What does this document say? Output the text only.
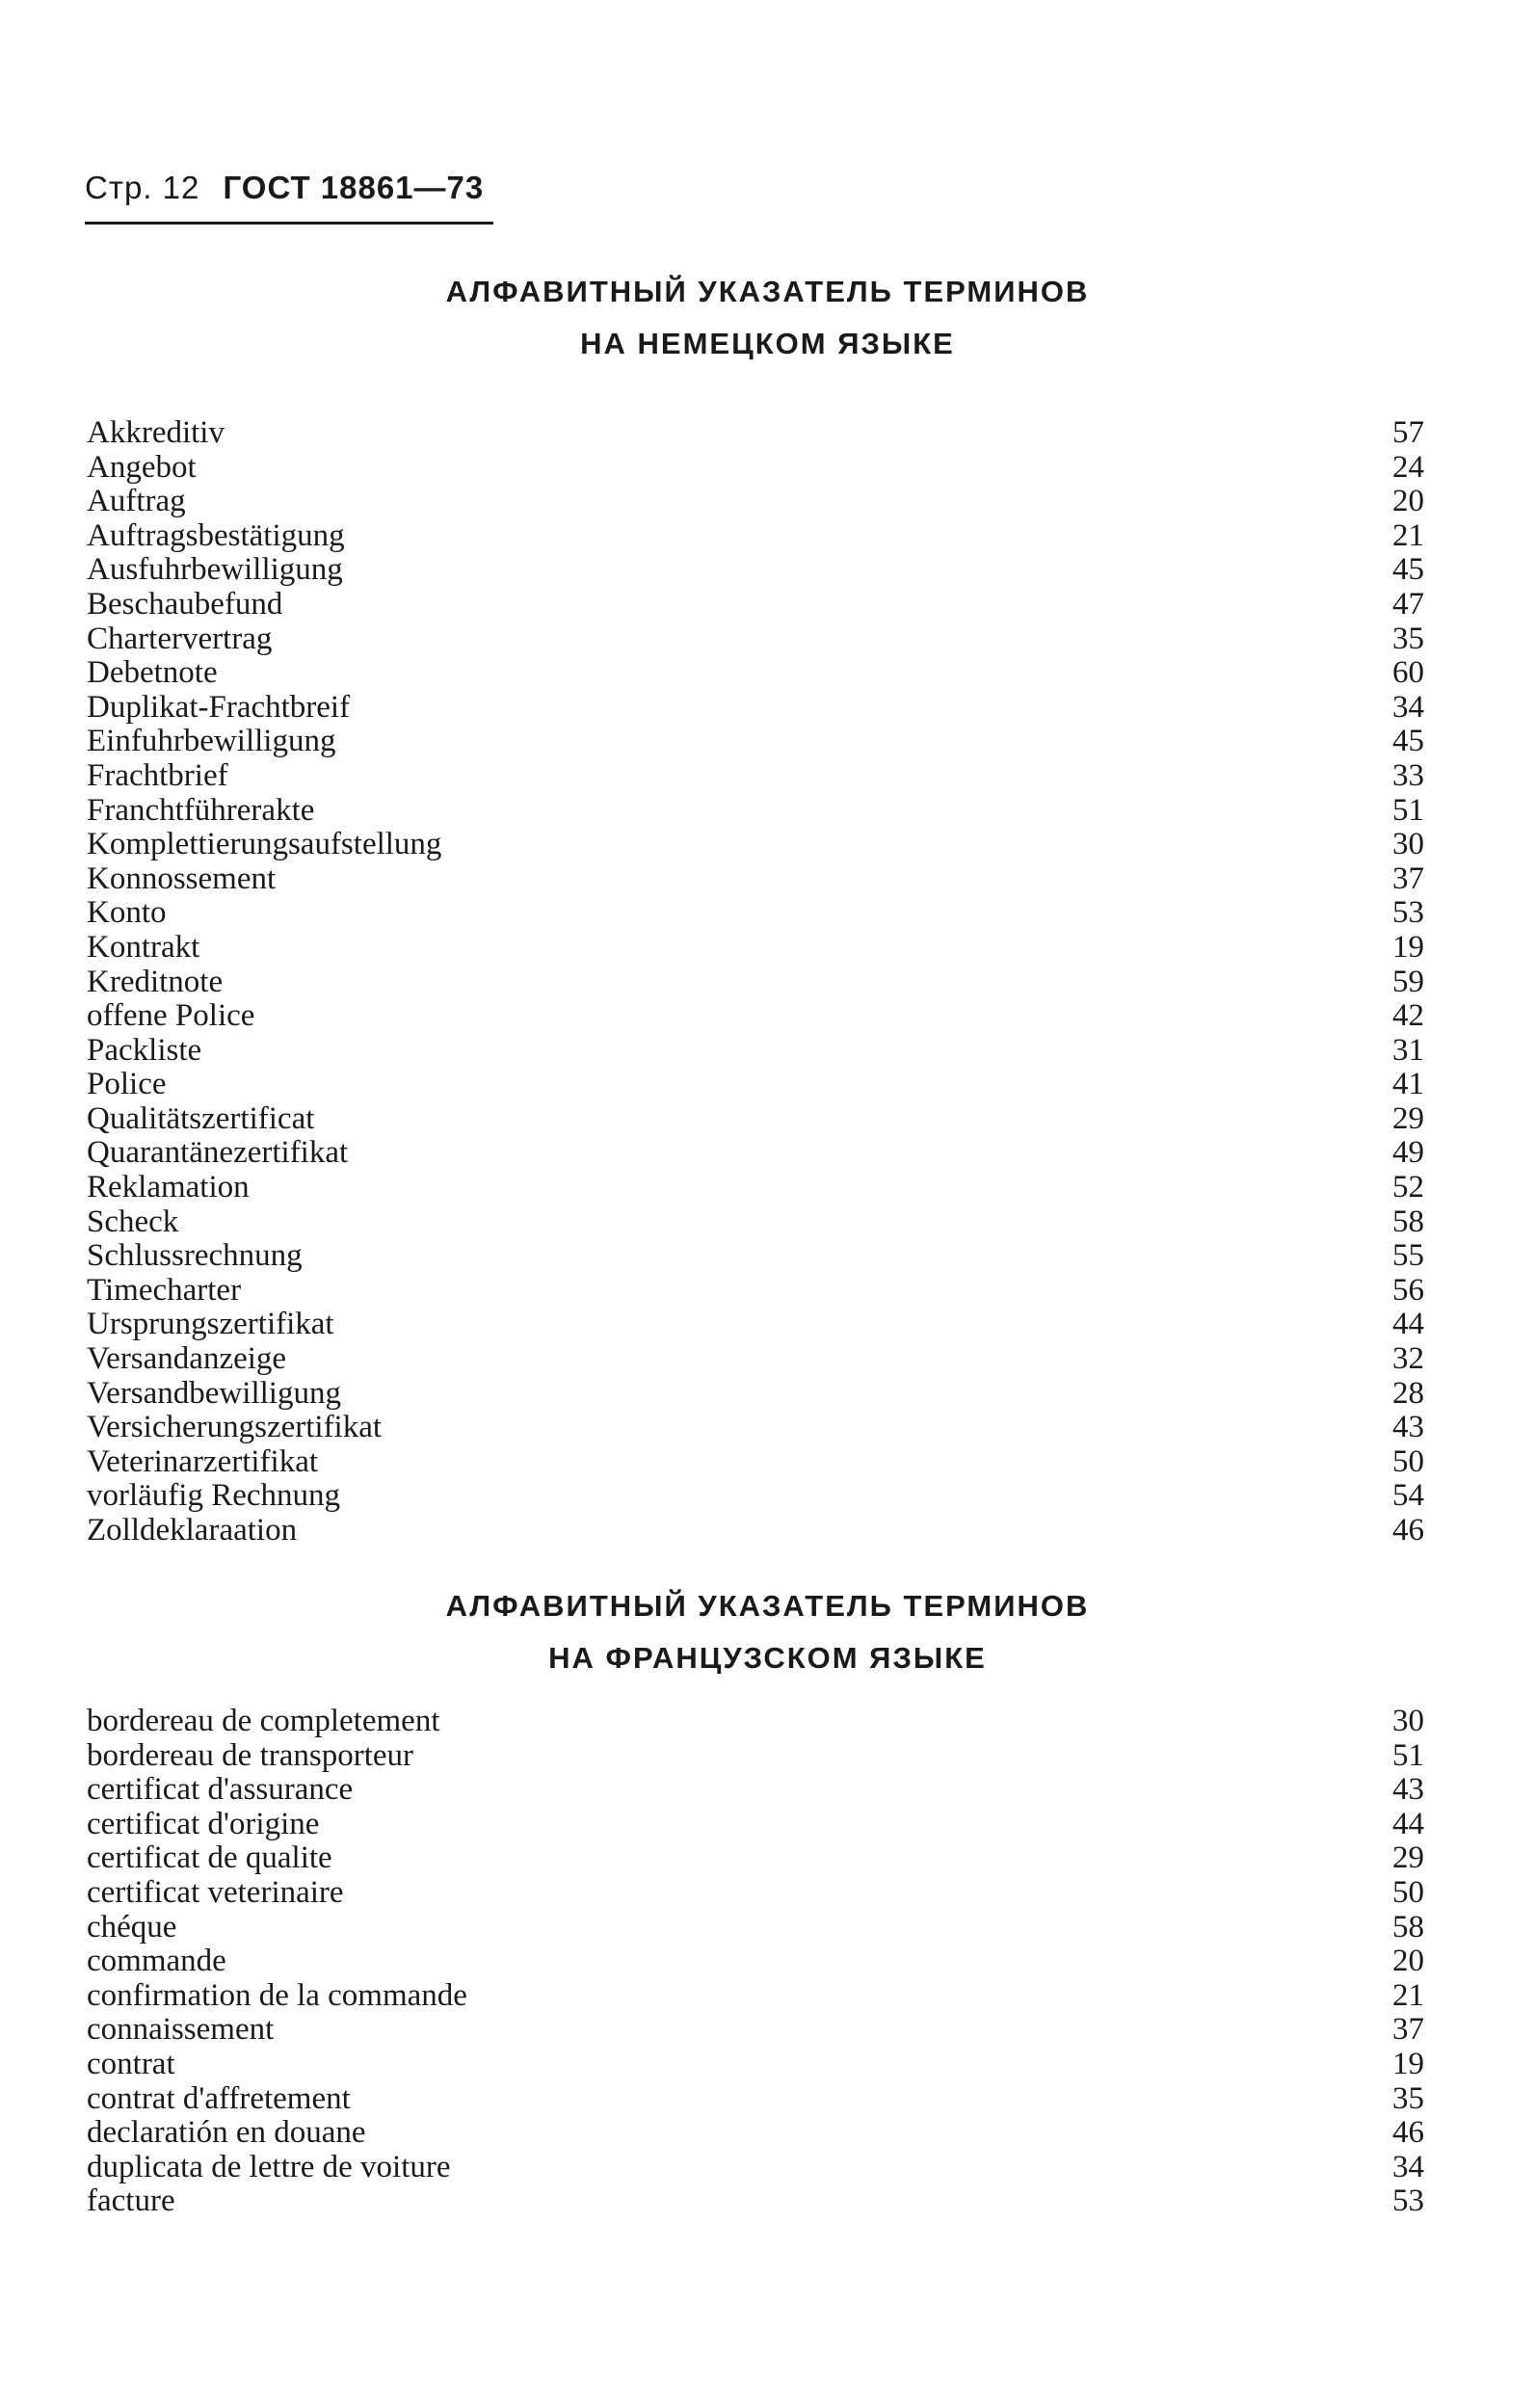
Стр. 12 ГОСТ 18861—73
АЛФАВИТНЫЙ УКАЗАТЕЛЬ ТЕРМИНОВ
НА НЕМЕЦКОМ ЯЗЫКЕ
Akkreditiv	57
Angebot	24
Auftrag	20
Auftragsbestätigung	21
Ausfuhrbewilligung	45
Beschaubefund	47
Chartervertrag	35
Debetnote	60
Duplikat-Frachtbreif	34
Einfuhrbewilligung	45
Frachtbrief	33
Franchtführerakte	51
Komplettierungsaufstellung	30
Konnossement	37
Konto	53
Kontrakt	19
Kreditnote	59
offene Police	42
Packliste	31
Police	41
Qualitätszertificat	29
Quarantänezertifikat	49
Reklamation	52
Scheck	58
Schlussrechnung	55
Timecharter	56
Ursprungszertifikat	44
Versandanzeige	32
Versandbewilligung	28
Versicherungszertifikat	43
Veterinarzertifikat	50
vorläufig Rechnung	54
Zolldeklaraation	46
АЛФАВИТНЫЙ УКАЗАТЕЛЬ ТЕРМИНОВ
НА ФРАНЦУЗСКОМ ЯЗЫКЕ
bordereau de completement	30
bordereau de transporteur	51
certificat d'assurance	43
certificat d'origine	44
certificat de qualite	29
certificat veterinaire	50
chéque	58
commande	20
confirmation de la commande	21
connaissement	37
contrat	19
contrat d'affretement	35
declaratión en douane	46
duplicata de lettre de voiture	34
facture	53
